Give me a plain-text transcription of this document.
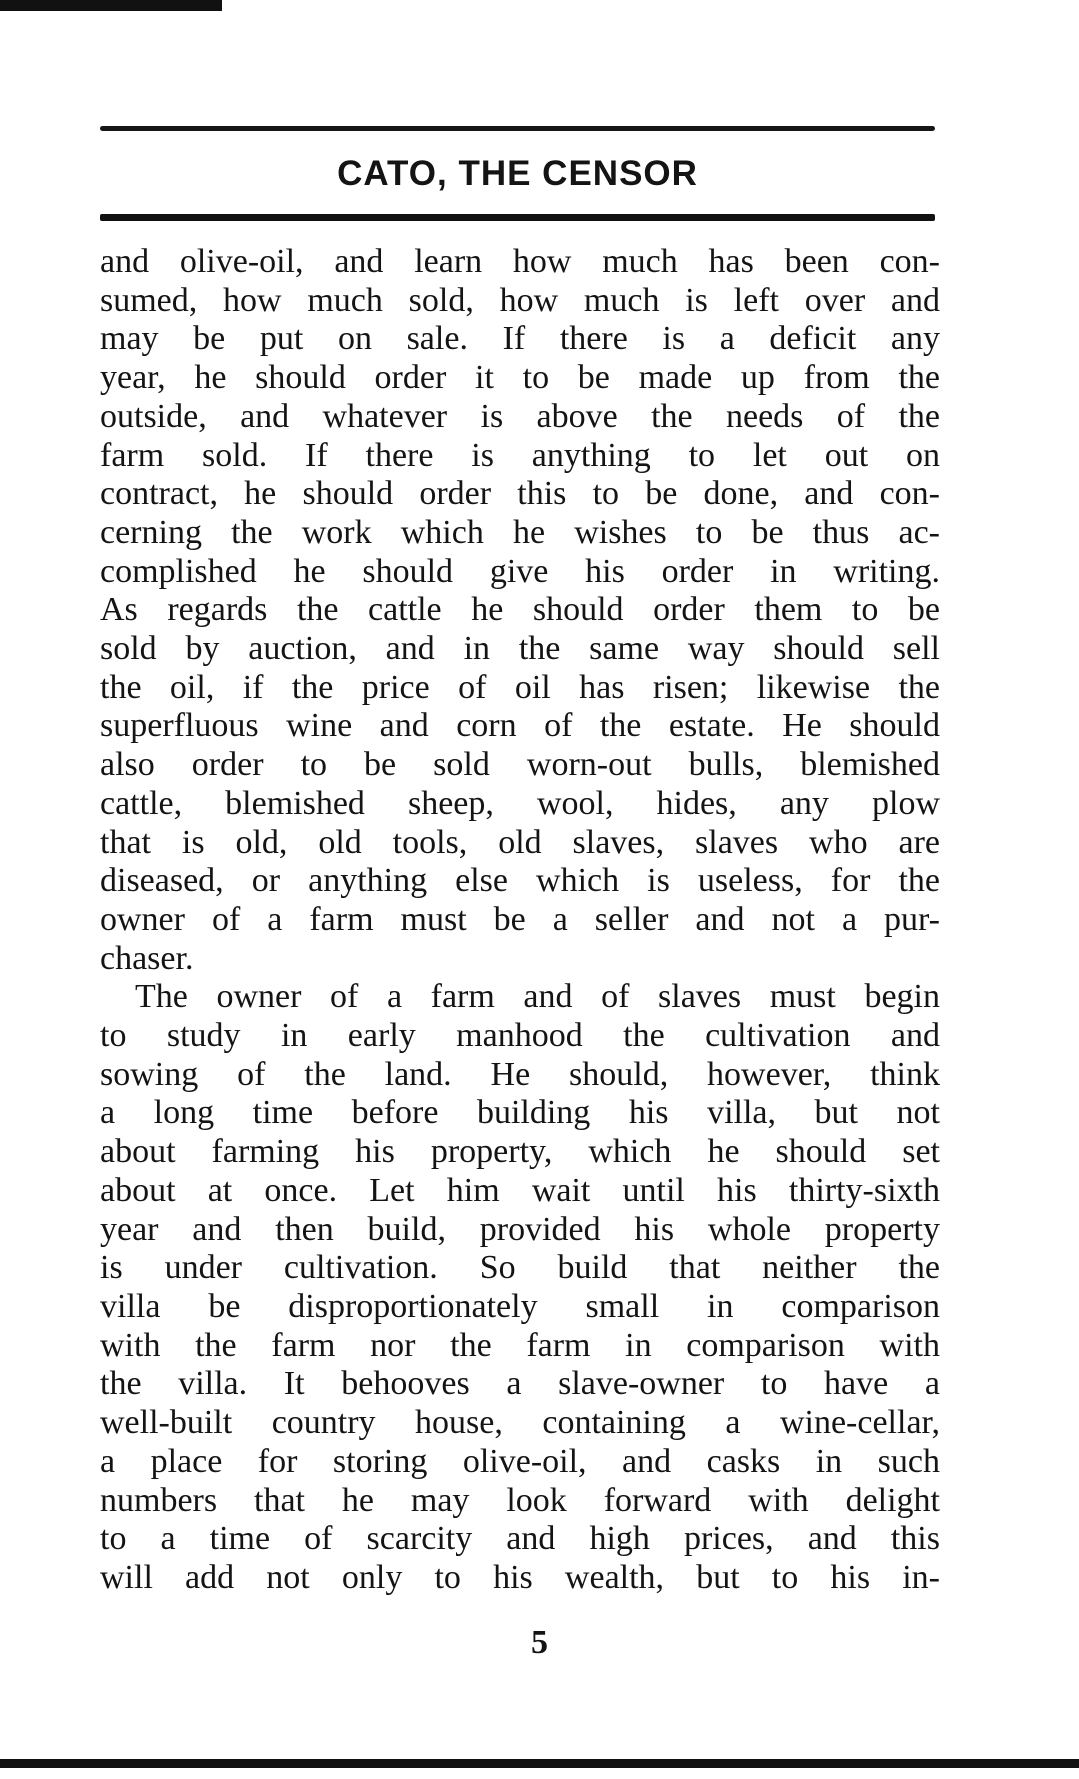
CATO, THE CENSOR
and olive-oil, and learn how much has been con-
sumed, how much sold, how much is left over and
may be put on sale. If there is a deficit any
year, he should order it to be made up from the
outside, and whatever is above the needs of the
farm sold. If there is anything to let out on
contract, he should order this to be done, and con-
cerning the work which he wishes to be thus ac-
complished he should give his order in writing.
As regards the cattle he should order them to be
sold by auction, and in the same way should sell
the oil, if the price of oil has risen; likewise the
superfluous wine and corn of the estate. He should
also order to be sold worn-out bulls, blemished
cattle, blemished sheep, wool, hides, any plow
that is old, old tools, old slaves, slaves who are
diseased, or anything else which is useless, for the
owner of a farm must be a seller and not a pur-
chaser.
The owner of a farm and of slaves must begin
to study in early manhood the cultivation and
sowing of the land. He should, however, think
a long time before building his villa, but not
about farming his property, which he should set
about at once. Let him wait until his thirty-sixth
year and then build, provided his whole property
is under cultivation. So build that neither the
villa be disproportionately small in comparison
with the farm nor the farm in comparison with
the villa. It behooves a slave-owner to have a
well-built country house, containing a wine-cellar,
a place for storing olive-oil, and casks in such
numbers that he may look forward with delight
to a time of scarcity and high prices, and this
will add not only to his wealth, but to his in-
5
